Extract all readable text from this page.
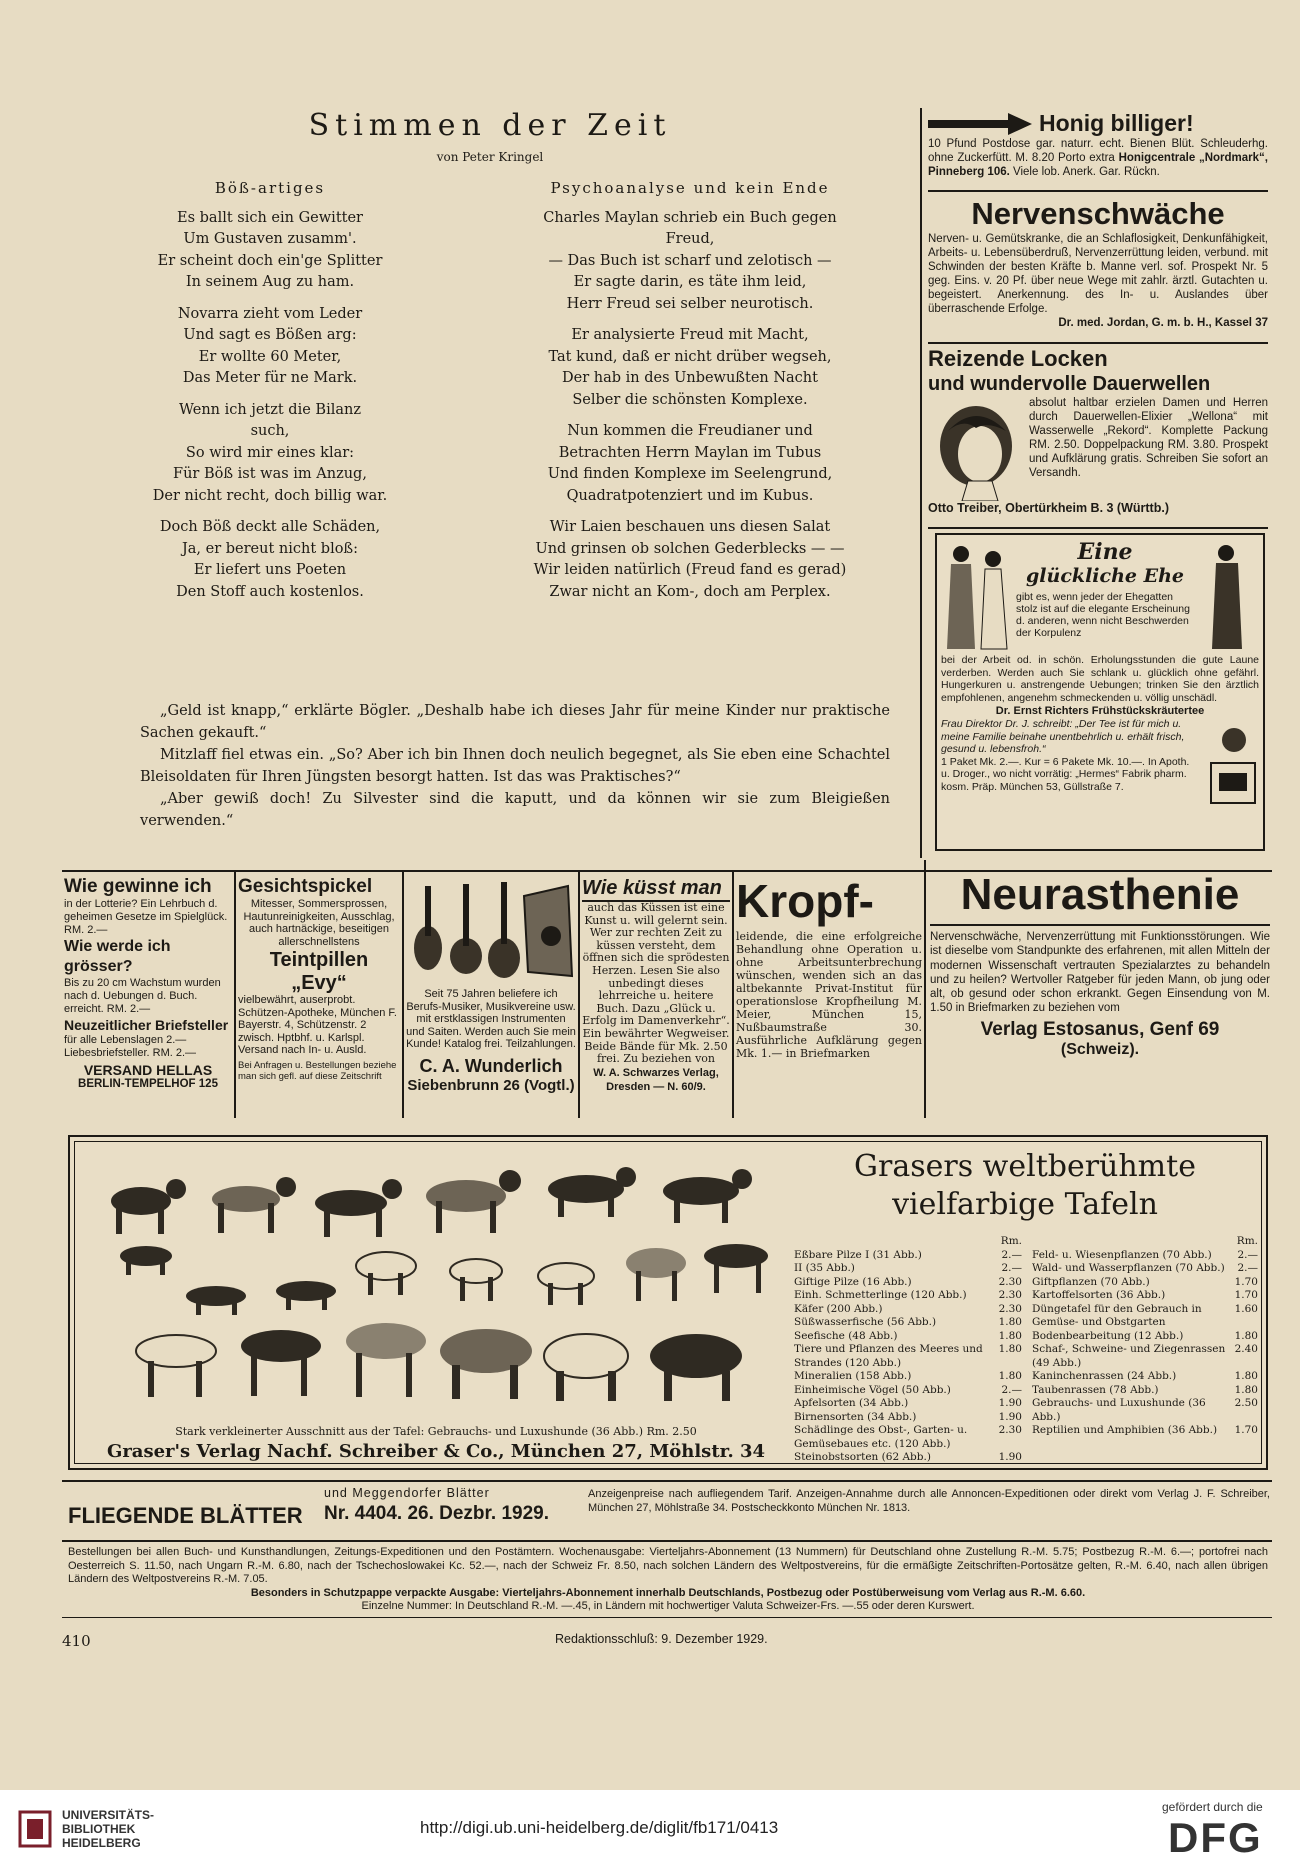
Stimmen der Zeit
von Peter Kringel
Böß-artiges
Es ballt sich ein Gewitter
Um Gustaven zusamm'.
Er scheint doch ein'ge Splitter
In seinem Aug zu ham.
Novarra zieht vom Leder
Und sagt es Bößen arg:
Er wollte 60 Meter,
Das Meter für ne Mark.
Wenn ich jetzt die Bilanz
such,
So wird mir eines klar:
Für Böß ist was im Anzug,
Der nicht recht, doch billig war.
Doch Böß deckt alle Schäden,
Ja, er bereut nicht bloß:
Er liefert uns Poeten
Den Stoff auch kostenlos.
Psychoanalyse und kein Ende
Charles Maylan schrieb ein Buch gegen
Freud,
— Das Buch ist scharf und zelotisch —
Er sagte darin, es täte ihm leid,
Herr Freud sei selber neurotisch.
Er analysierte Freud mit Macht,
Tat kund, daß er nicht drüber wegseh,
Der hab in des Unbewußten Nacht
Selber die schönsten Komplexe.
Nun kommen die Freudianer und
Betrachten Herrn Maylan im Tubus
Und finden Komplexe im Seelengrund,
Quadratpotenziert und im Kubus.
Wir Laien beschauen uns diesen Salat
Und grinsen ob solchen Gederblecks — —
Wir leiden natürlich (Freud fand es gerad)
Zwar nicht an Kom-, doch am Perplex.

„Geld ist knapp,“ erklärte Bögler. „Deshalb habe ich dieses Jahr für meine Kinder nur praktische Sachen gekauft.“

Mitzlaff fiel etwas ein. „So? Aber ich bin Ihnen doch neulich begegnet, als Sie eben eine Schachtel Bleisoldaten für Ihren Jüngsten besorgt hatten. Ist das was Praktisches?“

„Aber gewiß doch! Zu Silvester sind die kaputt, und da können wir sie zum Bleigießen verwenden.“

Honig billiger!
10 Pfund Postdose gar. naturr. echt. Bienen Blüt. Schleuderhg. ohne Zuckerfütt. M. 8.20 Porto extra Honigcentrale „Nordmark“, Pinneberg 106. Viele lob. Anerk. Gar. Rückn.
Nervenschwäche
Nerven- u. Gemütskranke, die an Schlaflosigkeit, Denkunfähigkeit, Arbeits- u. Lebensüberdruß, Nervenzerrüttung leiden, verbund. mit Schwinden der besten Kräfte b. Manne verl. sof. Prospekt Nr. 5 geg. Eins. v. 20 Pf. über neue Wege mit zahlr. ärztl. Gutachten u. begeistert. Anerkennung. des In- u. Auslandes über überraschende Erfolge.
Dr. med. Jordan, G. m. b. H., Kassel 37
Reizende Locken
und wundervolle Dauerwellen
absolut haltbar erzielen Damen und Herren durch Dauerwellen-Elixier „Wellona“ mit Wasserwelle „Rekord“. Komplette Packung RM. 2.50. Doppelpackung RM. 3.80. Prospekt und Aufklärung gratis. Schreiben Sie sofort an Versandh.
Otto Treiber, Obertürkheim B. 3 (Württb.)
Eine
glückliche Ehe
gibt es, wenn jeder der Ehegatten stolz ist auf die elegante Erscheinung d. anderen, wenn nicht Beschwerden der Korpulenz
bei der Arbeit od. in schön. Erholungsstunden die gute Laune verderben. Werden auch Sie schlank u. glücklich ohne gefährl. Hungerkuren u. anstrengende Uebungen; trinken Sie den ärztlich empfohlenen, angenehm schmeckenden u. völlig unschädl.
Dr. Ernst Richters Frühstückskräutertee
Frau Direktor Dr. J. schreibt: „Der Tee ist für mich u. meine Familie beinahe unentbehrlich u. erhält frisch, gesund u. lebensfroh.“
1 Paket Mk. 2.—. Kur = 6 Pakete Mk. 10.—. In Apoth. u. Droger., wo nicht vorrätig: „Hermes“ Fabrik pharm. kosm. Präp. München 53, Güllstraße 7.
Wie gewinne ich
in der Lotterie? Ein Lehrbuch d. geheimen Gesetze im Spielglück. RM. 2.—
Wie werde ich grösser?
Bis zu 20 cm Wachstum wurden nach d. Uebungen d. Buch. erreicht. RM. 2.—
Neuzeitlicher Briefsteller
für alle Lebenslagen 2.— Liebesbriefsteller. RM. 2.—
VERSAND HELLAS
BERLIN-TEMPELHOF 125
Gesichtspickel
Mitesser, Sommersprossen, Hautunreinigkeiten, Ausschlag, auch hartnäckige, beseitigen allerschnellstens
Teintpillen
„Evy“
vielbewährt, auserprobt. Schützen-Apotheke, München F. Bayerstr. 4, Schützenstr. 2 zwisch. Hptbhf. u. Karlspl. Versand nach In- u. Ausld.
Bei Anfragen u. Bestellungen beziehe man sich gefl. auf diese Zeitschrift
Seit 75 Jahren beliefere ich Berufs-Musiker, Musikvereine usw. mit erstklassigen Instrumenten und Saiten. Werden auch Sie mein Kunde! Katalog frei. Teilzahlungen.
C. A. Wunderlich
Siebenbrunn 26 (Vogtl.)
Wie küsst man
auch das Küssen ist eine Kunst u. will gelernt sein. Wer zur rechten Zeit zu küssen versteht, dem öffnen sich die sprödesten Herzen. Lesen Sie also unbedingt dieses lehrreiche u. heitere Buch. Dazu „Glück u. Erfolg im Damenverkehr“. Ein bewährter Wegweiser. Beide Bände für Mk. 2.50 frei. Zu beziehen von
W. A. Schwarzes Verlag, Dresden — N. 60/9.
Kropf-
leidende, die eine erfolgreiche Behandlung ohne Operation u. ohne Arbeitsunterbrechung wünschen, wenden sich an das altbekannte Privat-Institut für operationslose Kropfheilung M. Meier, München 15, Nußbaumstraße 30. Ausführliche Aufklärung gegen Mk. 1.— in Briefmarken
Neurasthenie
Nervenschwäche, Nervenzerrüttung mit Funktionsstörungen. Wie ist dieselbe vom Standpunkte des erfahrenen, mit allen Mitteln der modernen Wissenschaft vertrauten Spezialarztes zu behandeln und zu heilen? Wertvoller Ratgeber für jeden Mann, ob jung oder alt, ob gesund oder schon erkrankt. Gegen Einsendung von M. 1.50 in Briefmarken zu beziehen vom
Verlag Estosanus, Genf 69
(Schweiz).
Stark verkleinerter Ausschnitt aus der Tafel: Gebrauchs- und Luxushunde (36 Abb.) Rm. 2.50
Graser's Verlag Nachf. Schreiber & Co., München 27, Möhlstr. 34
Grasers weltberühmte
vielfarbige Tafeln
Rm.
Eßbare Pilze I (31 Abb.)	2.—
II (35 Abb.)	2.—
Giftige Pilze (16 Abb.)	2.30
Einh. Schmetterlinge (120 Abb.)	2.30
Käfer (200 Abb.)	2.30
Süßwasserfische (56 Abb.)	1.80
Seefische (48 Abb.)	1.80
Tiere und Pflanzen des Meeres und Strandes (120 Abb.)
1.80
Mineralien (158 Abb.)	1.80
Einheimische Vögel (50 Abb.)	2.—
Apfelsorten (34 Abb.)	1.90
Birnensorten (34 Abb.)	1.90
Schädlinge des Obst-, Garten- u. Gemüsebaues etc. (120 Abb.)
2.30
Steinobstsorten (62 Abb.)	1.90
Rm.
Feld- u. Wiesenpflanzen (70 Abb.)	2.—
Wald- und Wasserpflanzen (70 Abb.)	2.—
Giftpflanzen (70 Abb.)	1.70
Kartoffelsorten (36 Abb.)	1.70
Düngetafel für den Gebrauch in Gemüse- und Obstgarten
1.60
Bodenbearbeitung (12 Abb.)	1.80
Schaf-, Schweine- und Ziegenrassen (49 Abb.)
2.40
Kaninchenrassen (24 Abb.)	1.80
Taubenrassen (78 Abb.)	1.80
Gebrauchs- und Luxushunde (36 Abb.)
2.50
Reptilien und Amphibien (36 Abb.)	1.70
FLIEGENDE BLÄTTER
und Meggendorfer Blätter
Nr. 4404. 26. Dezbr. 1929.
Anzeigenpreise nach aufliegendem Tarif. Anzeigen-Annahme durch alle Annoncen-Expeditionen oder direkt vom Verlag J. F. Schreiber, München 27, Möhlstraße 34. Postscheckkonto München Nr. 1813.
Bestellungen bei allen Buch- und Kunsthandlungen, Zeitungs-Expeditionen und den Postämtern. Wochenausgabe: Vierteljahrs-Abonnement (13 Nummern) für Deutschland ohne Zustellung R.-M. 5.75; Postbezug R.-M. 6.—; portofrei nach Oesterreich S. 11.50, nach Ungarn R.-M. 6.80, nach der Tschechoslowakei Kc. 52.—, nach der Schweiz Fr. 8.50, nach solchen Ländern des Weltpostvereins, für die ermäßigte Zeitschriften-Portosätze gelten, R.-M. 6.40, nach allen übrigen Ländern des Weltpostvereins R.-M. 7.05.
Besonders in Schutzpappe verpackte Ausgabe: Vierteljahrs-Abonnement innerhalb Deutschlands, Postbezug oder Postüberweisung vom Verlag aus R.-M. 6.60.
Einzelne Nummer: In Deutschland R.-M. —.45, in Ländern mit hochwertiger Valuta Schweizer-Frs. —.55 oder deren Kurswert.
410	Redaktionsschluß: 9. Dezember 1929.
UNIVERSITÄTS-
BIBLIOTHEK
HEIDELBERG
http://digi.ub.uni-heidelberg.de/diglit/fb171/0413
gefördert durch die
DFG
